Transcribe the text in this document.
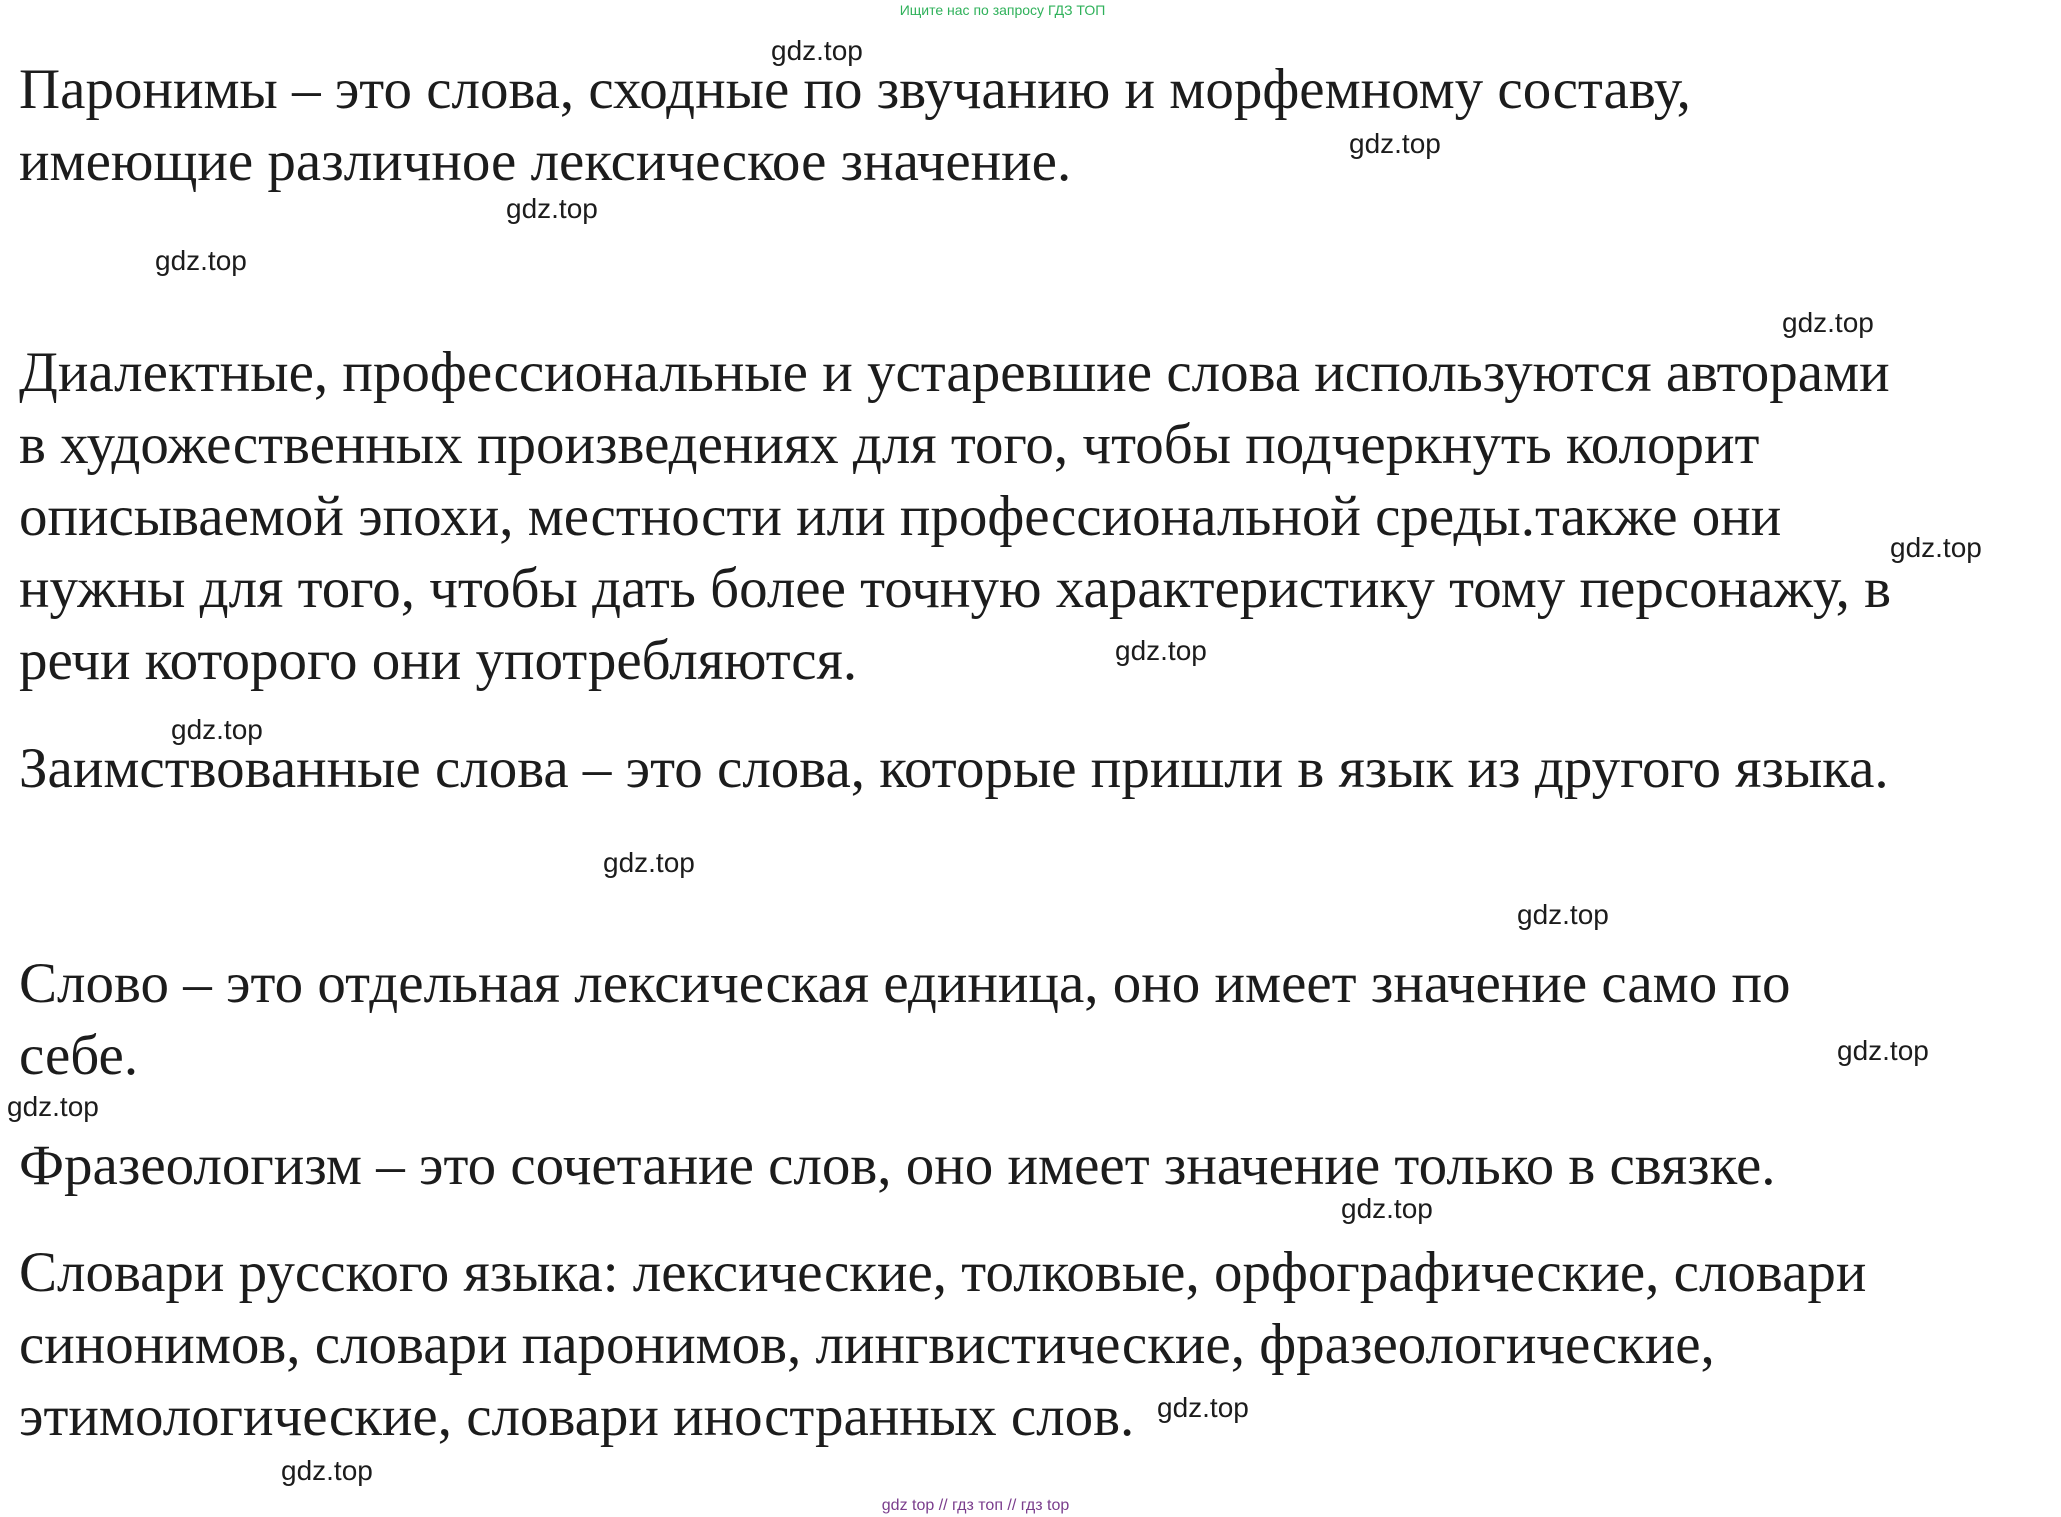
Ищите нас по запросу ГДЗ ТОП
Паронимы – это слова, сходные по звучанию и морфемному составу,
имеющие различное лексическое значение.
Диалектные, профессиональные и устаревшие слова используются авторами
в художественных произведениях для того, чтобы подчеркнуть колорит
описываемой эпохи, местности или профессиональной среды.также они
нужны для того, чтобы дать более точную характеристику тому персонажу, в
речи которого они употребляются.
Заимствованные слова – это слова, которые пришли в язык из другого языка.
Слово – это отдельная лексическая единица, оно имеет значение само по
себе.
Фразеологизм – это сочетание слов, оно имеет значение только в связке.
Словари русского языка: лексические, толковые, орфографические, словари
синонимов, словари паронимов, лингвистические, фразеологические,
этимологические, словари иностранных слов.
gdz.top
gdz.top
gdz.top
gdz.top
gdz.top
gdz.top
gdz.top
gdz.top
gdz.top
gdz.top
gdz.top
gdz.top
gdz.top
gdz.top
gdz.top
gdz top // гдз топ // гдз top
